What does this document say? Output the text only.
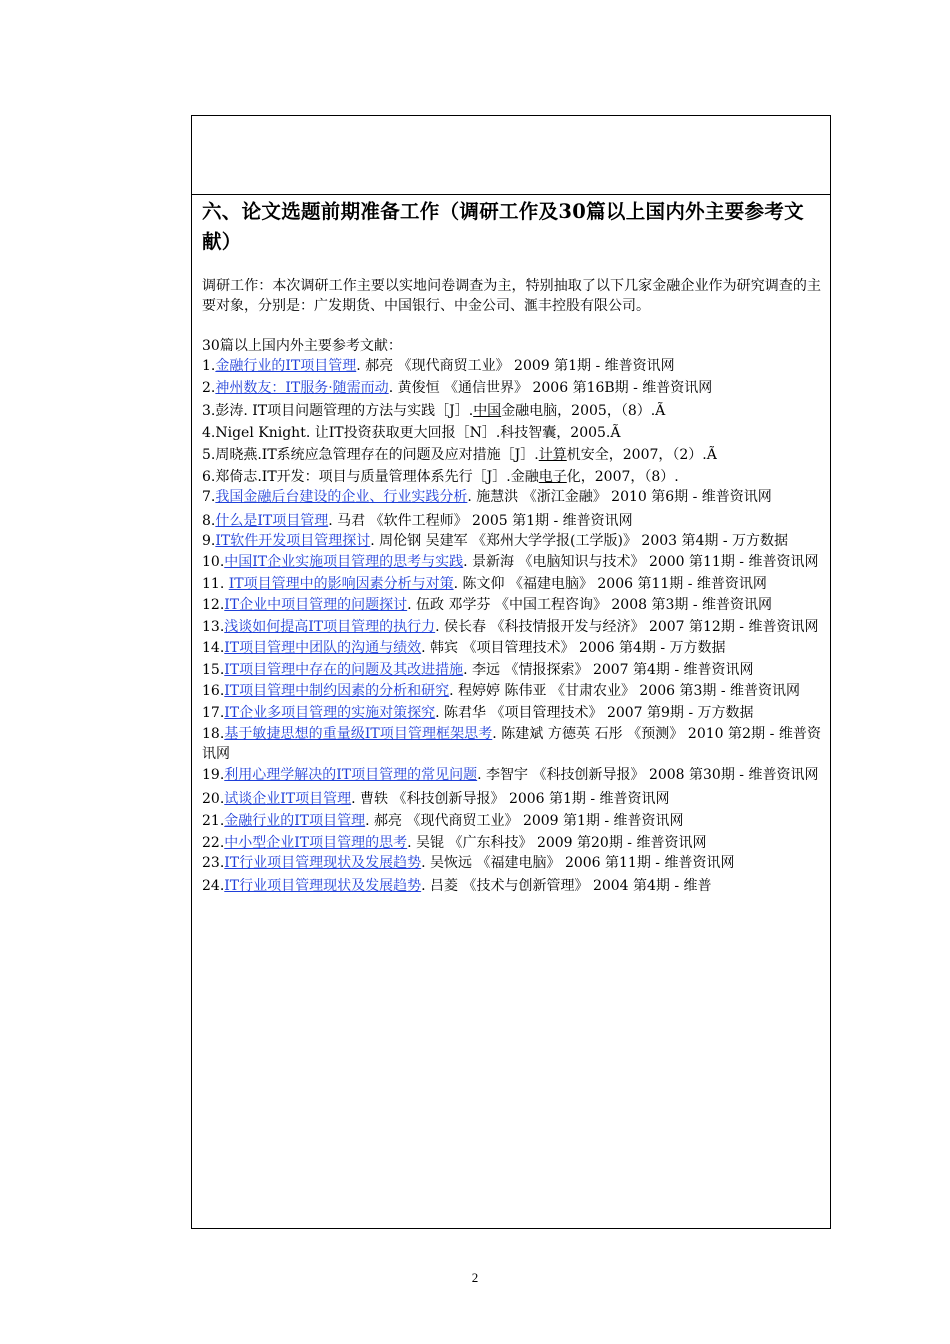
六、论文选题前期准备工作（调研工作及30篇以上国内外主要参考文献）
调研工作：本次调研工作主要以实地问卷调查为主，特别抽取了以下几家金融企业作为研究调查的主要对象，分别是：广发期货、中国银行、中金公司、滙丰控股有限公司。
30篇以上国内外主要参考文献：
1.金融行业的IT项目管理. 郝亮 《现代商贸工业》 2009 第1期 - 维普资讯网
2.神州数友：IT服务·随需而动. 黄俊恒 《通信世界》 2006 第16B期 - 维普资讯网
3.彭涛. IT项目问题管理的方法与实践［J］.中国金融电脑，2005，（8）.Ã
4.Nigel Knight. 让IT投资获取更大回报［N］.科技智囊，2005.Ã
5.周晓燕.IT系统应急管理存在的问题及应对措施［J］.计算机安全，2007，（2）.Ã
6.郑倚志.IT开发：项目与质量管理体系先行［J］.金融电子化，2007，（8）.
7.我国金融后台建设的企业、行业实践分析. 施慧洪 《浙江金融》 2010 第6期 - 维普资讯网
8.什么是IT项目管理. 马君 《软件工程师》 2005 第1期 - 维普资讯网
9.IT软件开发项目管理探讨. 周伦钢 吴建军 《郑州大学学报(工学版)》 2003 第4期 - 万方数据
10.中国IT企业实施项目管理的思考与实践. 景新海 《电脑知识与技术》 2000 第11期 - 维普资讯网
11. IT项目管理中的影响因素分析与对策. 陈文仰 《福建电脑》 2006 第11期 - 维普资讯网
12.IT企业中项目管理的问题探讨. 伍政 邓学芬 《中国工程咨询》 2008 第3期 - 维普资讯网
13.浅谈如何提高IT项目管理的执行力. 侯长春 《科技情报开发与经济》 2007 第12期 - 维普资讯网
14.IT项目管理中团队的沟通与绩效. 韩宾 《项目管理技术》 2006 第4期 - 万方数据
15.IT项目管理中存在的问题及其改进措施. 李远 《情报探索》 2007 第4期 - 维普资讯网
16.IT项目管理中制约因素的分析和研究. 程婷婷 陈伟亚 《甘肃农业》 2006 第3期 - 维普资讯网
17.IT企业多项目管理的实施对策探究. 陈君华 《项目管理技术》 2007 第9期 - 万方数据
18.基于敏捷思想的重量级IT项目管理框架思考. 陈建斌 方德英 石彤 《预测》 2010 第2期 - 维普资讯网
19.利用心理学解决的IT项目管理的常见问题. 李智宇 《科技创新导报》 2008 第30期 - 维普资讯网
20.试谈企业IT项目管理. 曹轶 《科技创新导报》 2006 第1期 - 维普资讯网
21.金融行业的IT项目管理. 郝亮 《现代商贸工业》 2009 第1期 - 维普资讯网
22.中小型企业IT项目管理的思考. 吴锟 《广东科技》 2009 第20期 - 维普资讯网
23.IT行业项目管理现状及发展趋势. 吴恢远 《福建电脑》 2006 第11期 - 维普资讯网
24.IT行业项目管理现状及发展趋势. 吕菱 《技术与创新管理》 2004 第4期 - 维普
2
